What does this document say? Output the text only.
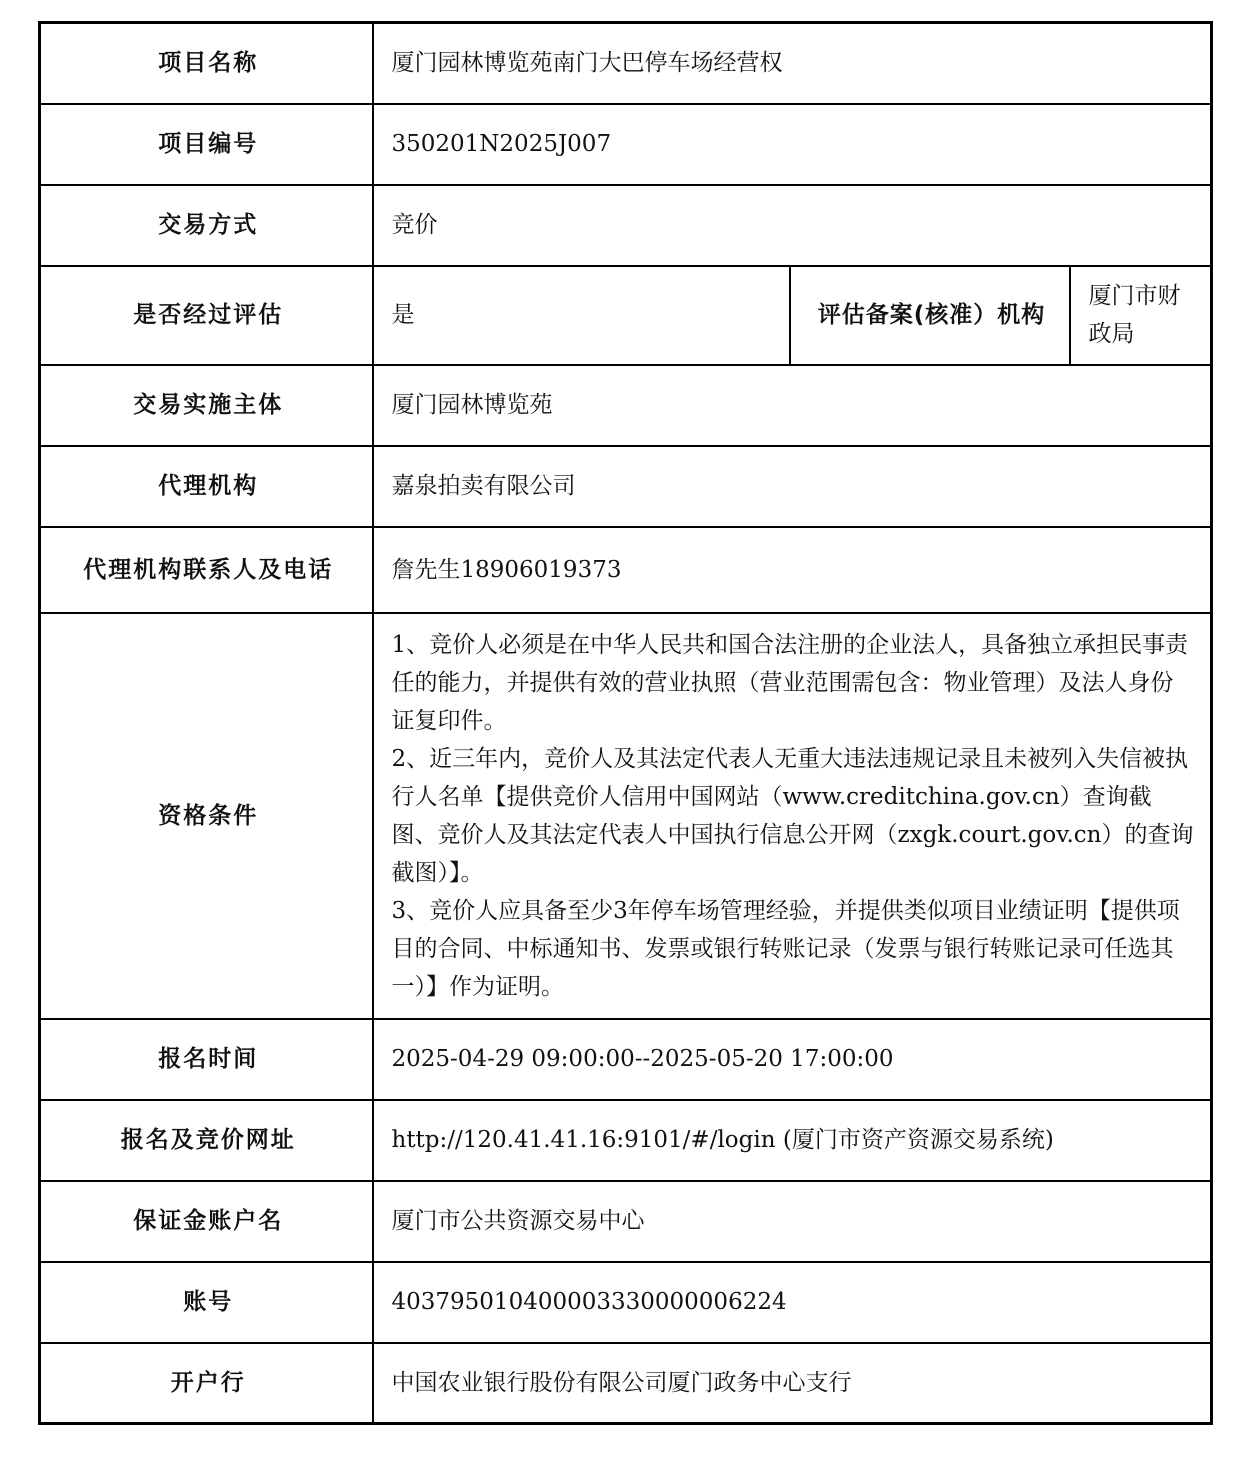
项目名称	厦门园林博览苑南门大巴停车场经营权		
项目编号	350201N2025J007		
交易方式	竞价		
是否经过评估	是	评估备案(核准）机构	厦门市财政局
交易实施主体	厦门园林博览苑		
代理机构	嘉泉拍卖有限公司		
代理机构联系人及电话	詹先生18906019373		
资格条件	1、竞价人必须是在中华人民共和国合法注册的企业法人，具备独立承担民事责任的能力，并提供有效的营业执照（营业范围需包含：物业管理）及法人身份证复印件。

2、近三年内，竞价人及其法定代表人无重大违法违规记录且未被列入失信被执行人名单【提供竞价人信用中国网站（www.creditchina.gov.cn）查询截图、竞价人及其法定代表人中国执行信息公开网（zxgk.court.gov.cn）的查询截图）】。

3、竞价人应具备至少3年停车场管理经验，并提供类似项目业绩证明【提供项目的合同、中标通知书、发票或银行转账记录（发票与银行转账记录可任选其一）】作为证明。		

报名时间	2025-04-29 09:00:00--2025-05-20 17:00:00		
报名及竞价网址	http://120.41.41.16:9101/#/login (厦门市资产资源交易系统)		
保证金账户名	厦门市公共资源交易中心		
账号	403795010400003330000006224		
开户行	中国农业银行股份有限公司厦门政务中心支行		
